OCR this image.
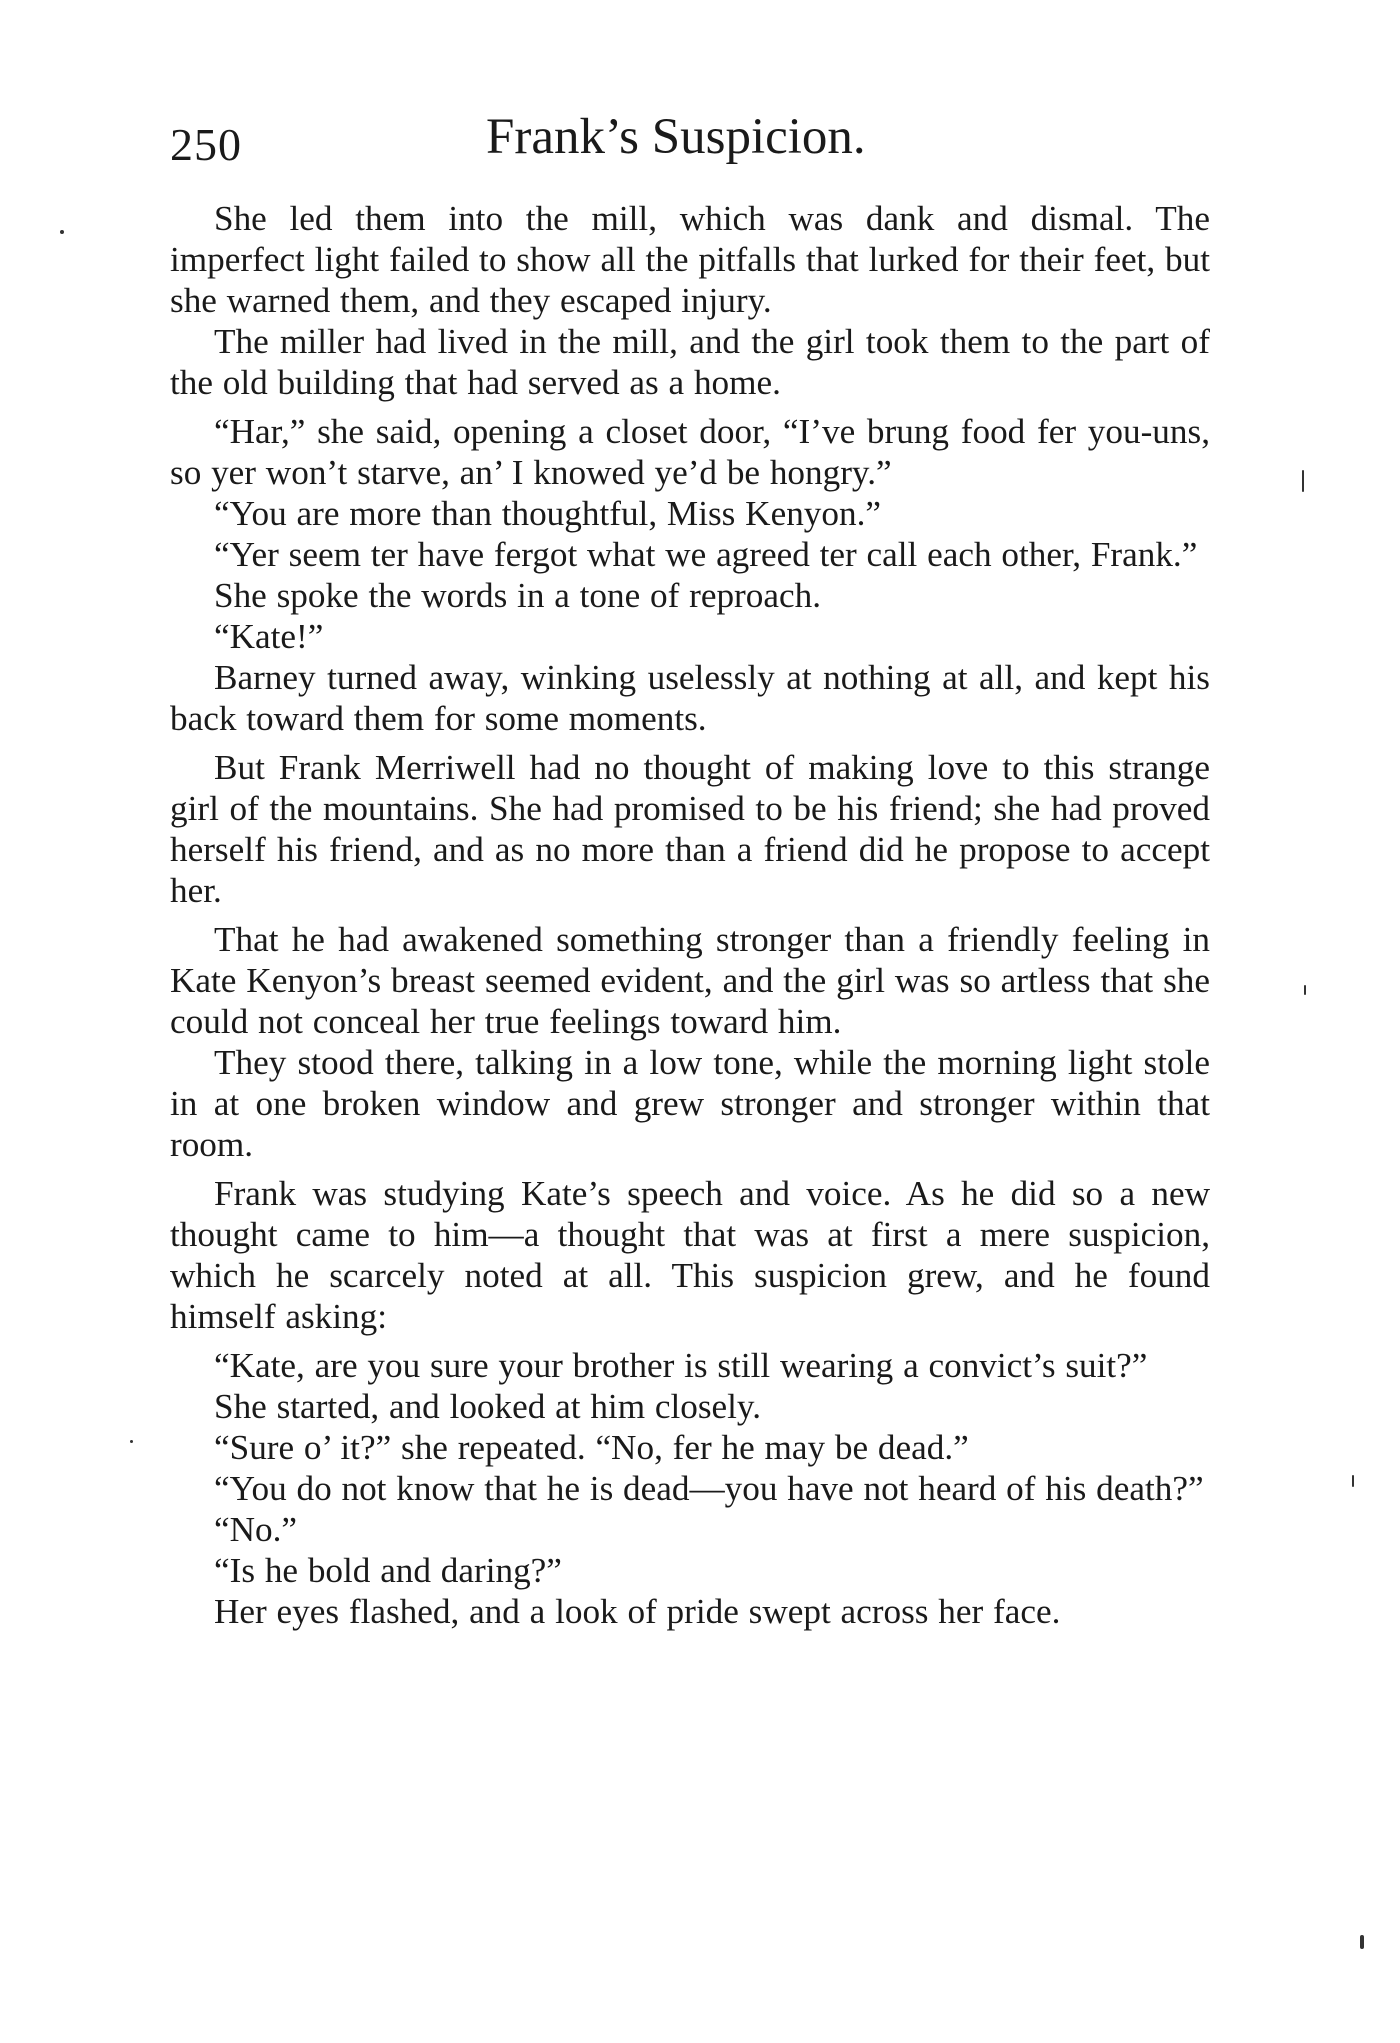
250	Frank’s Suspicion.

She led them into the mill, which was dank and dismal. The imperfect light failed to show all the pitfalls that lurked for their feet, but she warned them, and they escaped injury.

The miller had lived in the mill, and the girl took them to the part of the old building that had served as a home.

“Har,” she said, opening a closet door, “I’ve brung food fer you-uns, so yer won’t starve, an’ I knowed ye’d be hongry.”

“You are more than thoughtful, Miss Kenyon.”

“Yer seem ter have fergot what we agreed ter call each other, Frank.”

She spoke the words in a tone of reproach.

“Kate!”

Barney turned away, winking uselessly at nothing at all, and kept his back toward them for some moments.

But Frank Merriwell had no thought of making love to this strange girl of the mountains. She had promised to be his friend; she had proved herself his friend, and as no more than a friend did he propose to accept her.

That he had awakened something stronger than a friendly feeling in Kate Kenyon’s breast seemed evident, and the girl was so artless that she could not conceal her true feelings toward him.

They stood there, talking in a low tone, while the morning light stole in at one broken window and grew stronger and stronger within that room.

Frank was studying Kate’s speech and voice. As he did so a new thought came to him—a thought that was at first a mere suspicion, which he scarcely noted at all. This suspicion grew, and he found himself asking:

“Kate, are you sure your brother is still wearing a convict’s suit?”

She started, and looked at him closely.

“Sure o’ it?” she repeated. “No, fer he may be dead.”

“You do not know that he is dead—you have not heard of his death?”

“No.”

“Is he bold and daring?”

Her eyes flashed, and a look of pride swept across her face.
